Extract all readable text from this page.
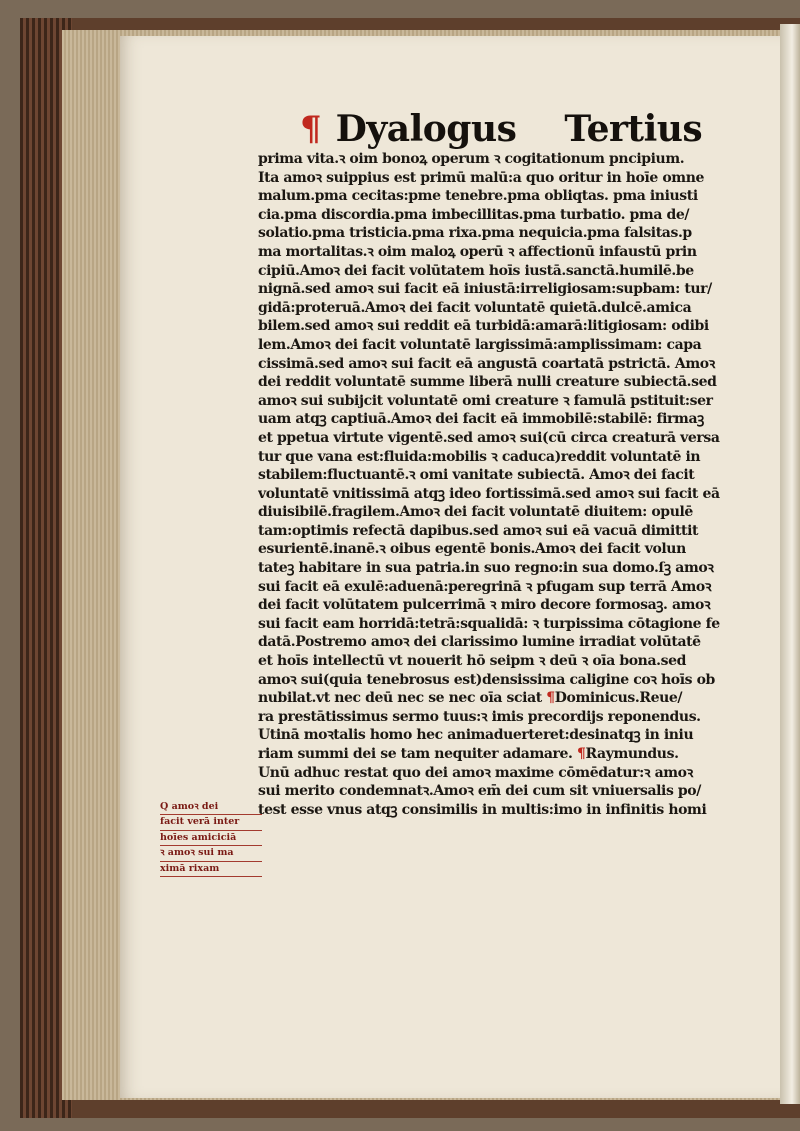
¶ Dyalogus Tertius
prima vita.ꝛ oim bonoꝝ operum ꝛ cogitationum pncipium.
Ita amoꝛ suippius est primū malū:a quo oritur in hoīe omne
malum.pma cecitas:pme tenebre.pma obliqtas. pma iniusti
cia.pma discordia.pma imbecillitas.pma turbatio. pma de/
solatio.pma tristicia.pma rixa.pma nequicia.pma falsitas.p
ma mortalitas.ꝛ oim maloꝝ operū ꝛ affectionū infaustū prin
cipiū.Amoꝛ dei facit volūtatem hoīs iustā.sanctā.humilē.be
nignā.sed amoꝛ sui facit eā iniustā:irreligiosam:supbam: tur/
gidā:proteruā.Amoꝛ dei facit voluntatē quietā.dulcē.amica
bilem.sed amoꝛ sui reddit eā turbidā:amarā:litigiosam: odibi
lem.Amoꝛ dei facit voluntatē largissimā:amplissimam: capa
cissimā.sed amoꝛ sui facit eā angustā coartatā pstrictā. Amoꝛ
dei reddit voluntatē summe liberā nulli creature subiectā.sed
amoꝛ sui subijcit voluntatē omi creature ꝛ famulā pstituit:ser
uam atqꝫ captiuā.Amoꝛ dei facit eā immobilē:stabilē: firmaꝫ
et ppetua virtute vigentē.sed amoꝛ sui(cū circa creaturā versa
tur que vana est:fluida:mobilis ꝛ caduca)reddit voluntatē in
stabilem:fluctuantē.ꝛ omi vanitate subiectā. Amoꝛ dei facit
voluntatē vnitissimā atqꝫ ideo fortissimā.sed amoꝛ sui facit eā
diuisibilē.fragilem.Amoꝛ dei facit voluntatē diuitem: opulē
tam:optimis refectā dapibus.sed amoꝛ sui eā vacuā dimittit
esurientē.inanē.ꝛ oibus egentē bonis.Amoꝛ dei facit volun
tateꝫ habitare in sua patria.in suo regno:in sua domo.ſꝫ amoꝛ
sui facit eā exulē:aduenā:peregrinā ꝛ pfugam sup terrā Amoꝛ
dei facit volūtatem pulcerrimā ꝛ miro decore formosaꝫ. amoꝛ
sui facit eam horridā:tetrā:squalidā: ꝛ turpissima cōtagione fe
datā.Postremo amoꝛ dei clarissimo lumine irradiat volūtatē
et hoīs intellectū vt nouerit hō seipm ꝛ deū ꝛ oīa bona.sed
amoꝛ sui(quia tenebrosus est)densissima caligine coꝛ hoīs ob
nubilat.vt nec deū nec se nec oīa sciat ¶Dominicus.Reue/
ra prestātissimus sermo tuus:ꝛ imis precordijs reponendus.
Utinā moꝛtalis homo hec animaduerteret:desinatqꝫ in iniu
riam summi dei se tam nequiter adamare. ¶Raymundus.
Unū adhuc restat quo dei amoꝛ maxime cōmēdatur:ꝛ amoꝛ
sui merito condemnatꝛ.Amoꝛ em̄ dei cum sit vniuersalis po/
test esse vnus atqꝫ consimilis in multis:imo in infinitis homi
Q amoꝛ dei
facit verā inter
hoīes amiciciā
ꝛ amoꝛ sui ma
ximā rixam
